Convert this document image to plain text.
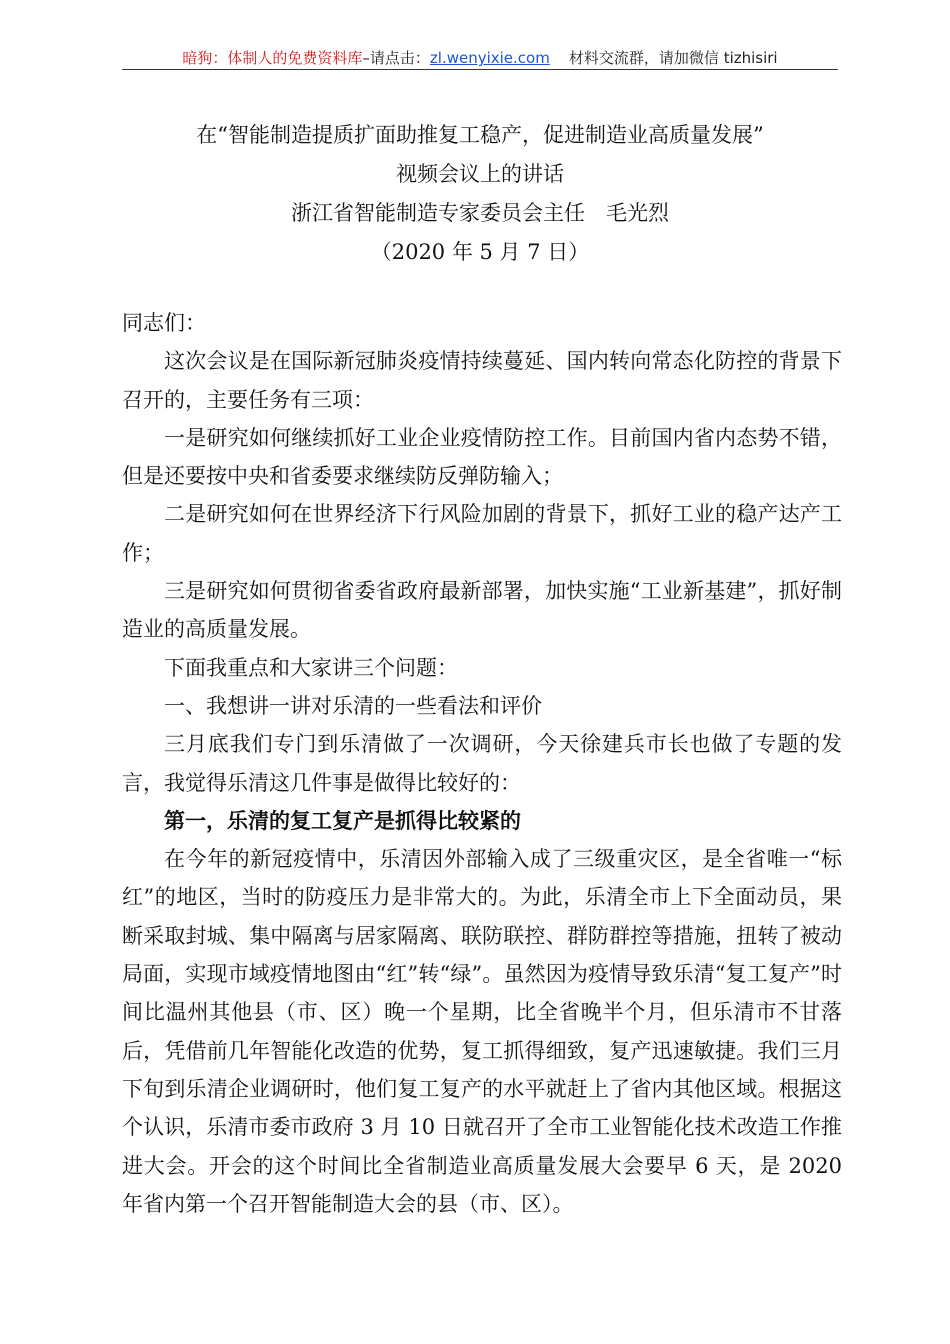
暗狗：体制人的免费资料库–请点击：zl.wenyixie.com 材料交流群，请加微信 tizhisiri
在“智能制造提质扩面助推复工稳产，促进制造业高质量发展”
视频会议上的讲话
浙江省智能制造专家委员会主任　毛光烈
（2020 年 5 月 7 日）

同志们：

这次会议是在国际新冠肺炎疫情持续蔓延、国内转向常态化防控的背景下召开的，主要任务有三项：

一是研究如何继续抓好工业企业疫情防控工作。目前国内省内态势不错，但是还要按中央和省委要求继续防反弹防输入；

二是研究如何在世界经济下行风险加剧的背景下，抓好工业的稳产达产工作；

三是研究如何贯彻省委省政府最新部署，加快实施“工业新基建”，抓好制造业的高质量发展。

下面我重点和大家讲三个问题：

一、我想讲一讲对乐清的一些看法和评价

三月底我们专门到乐清做了一次调研，今天徐建兵市长也做了专题的发言，我觉得乐清这几件事是做得比较好的：

第一，乐清的复工复产是抓得比较紧的

在今年的新冠疫情中，乐清因外部输入成了三级重灾区，是全省唯一“标红”的地区，当时的防疫压力是非常大的。为此，乐清全市上下全面动员，果断采取封城、集中隔离与居家隔离、联防联控、群防群控等措施，扭转了被动局面，实现市域疫情地图由“红”转“绿”。虽然因为疫情导致乐清“复工复产”时间比温州其他县（市、区）晚一个星期，比全省晚半个月，但乐清市不甘落后，凭借前几年智能化改造的优势，复工抓得细致，复产迅速敏捷。我们三月下旬到乐清企业调研时，他们复工复产的水平就赶上了省内其他区域。根据这个认识，乐清市委市政府 3 月 10 日就召开了全市工业智能化技术改造工作推进大会。开会的这个时间比全省制造业高质量发展大会要早 6 天，是 2020 年省内第一个召开智能制造大会的县（市、区）。
